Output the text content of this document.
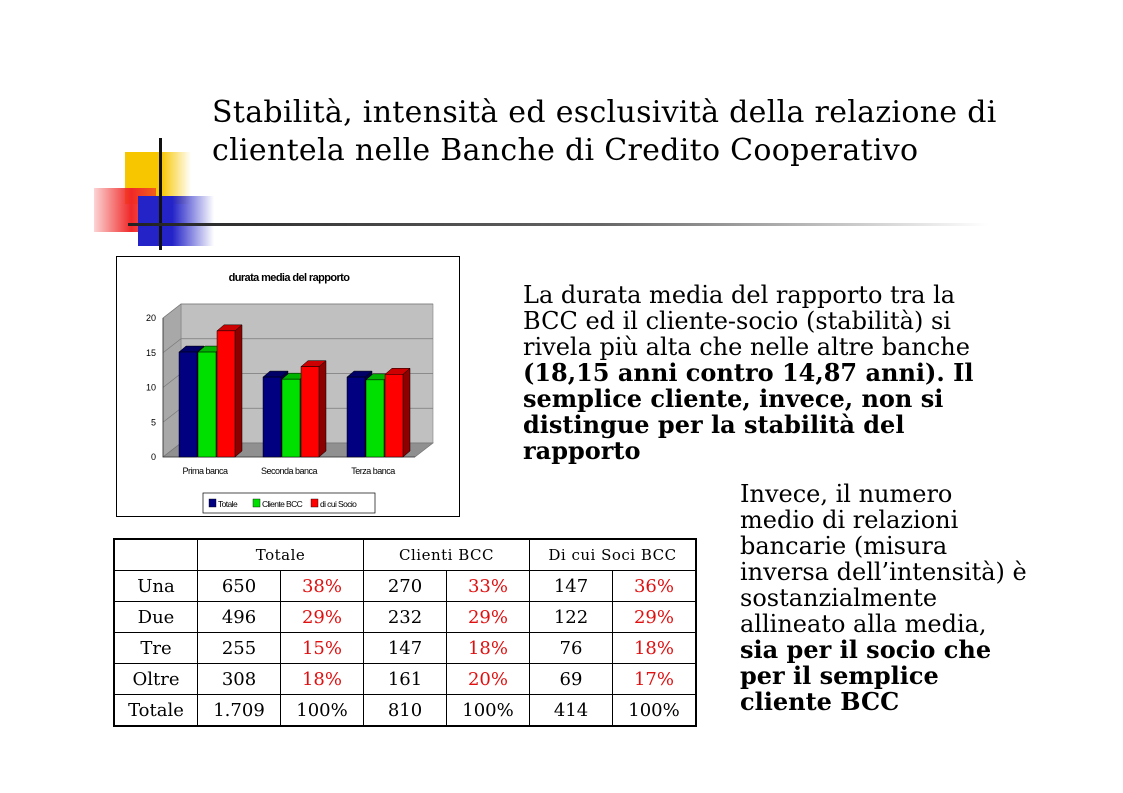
Stabilità, intensità ed esclusività della relazione di clientela nelle Banche di Credito Cooperativo
durata media del rapporto
0
5
10
15
20
Prima banca	Seconda banca	Terza banca
Totale	Cliente BCC di cui Socio
La durata media del rapporto tra la BCC ed il cliente-socio (stabilità) si rivela più alta che nelle altre banche (18,15 anni contro 14,87 anni). Il semplice cliente, invece, non si distingue per la stabilità del rapporto
Invece, il numero medio di relazioni bancarie (misura inversa dell’intensità) è sostanzialmente allineato alla media, sia per il socio che per il semplice cliente BCC
	Totale		Clienti BCC		Di cui Soci BCC	
Una	650	38%	270	33%	147	36%
Due	496	29%	232	29%	122	29%
Tre	255	15%	147	18%	76	18%
Oltre	308	18%	161	20%	69	17%
Totale	1.709	100%	810	100%	414	100%
